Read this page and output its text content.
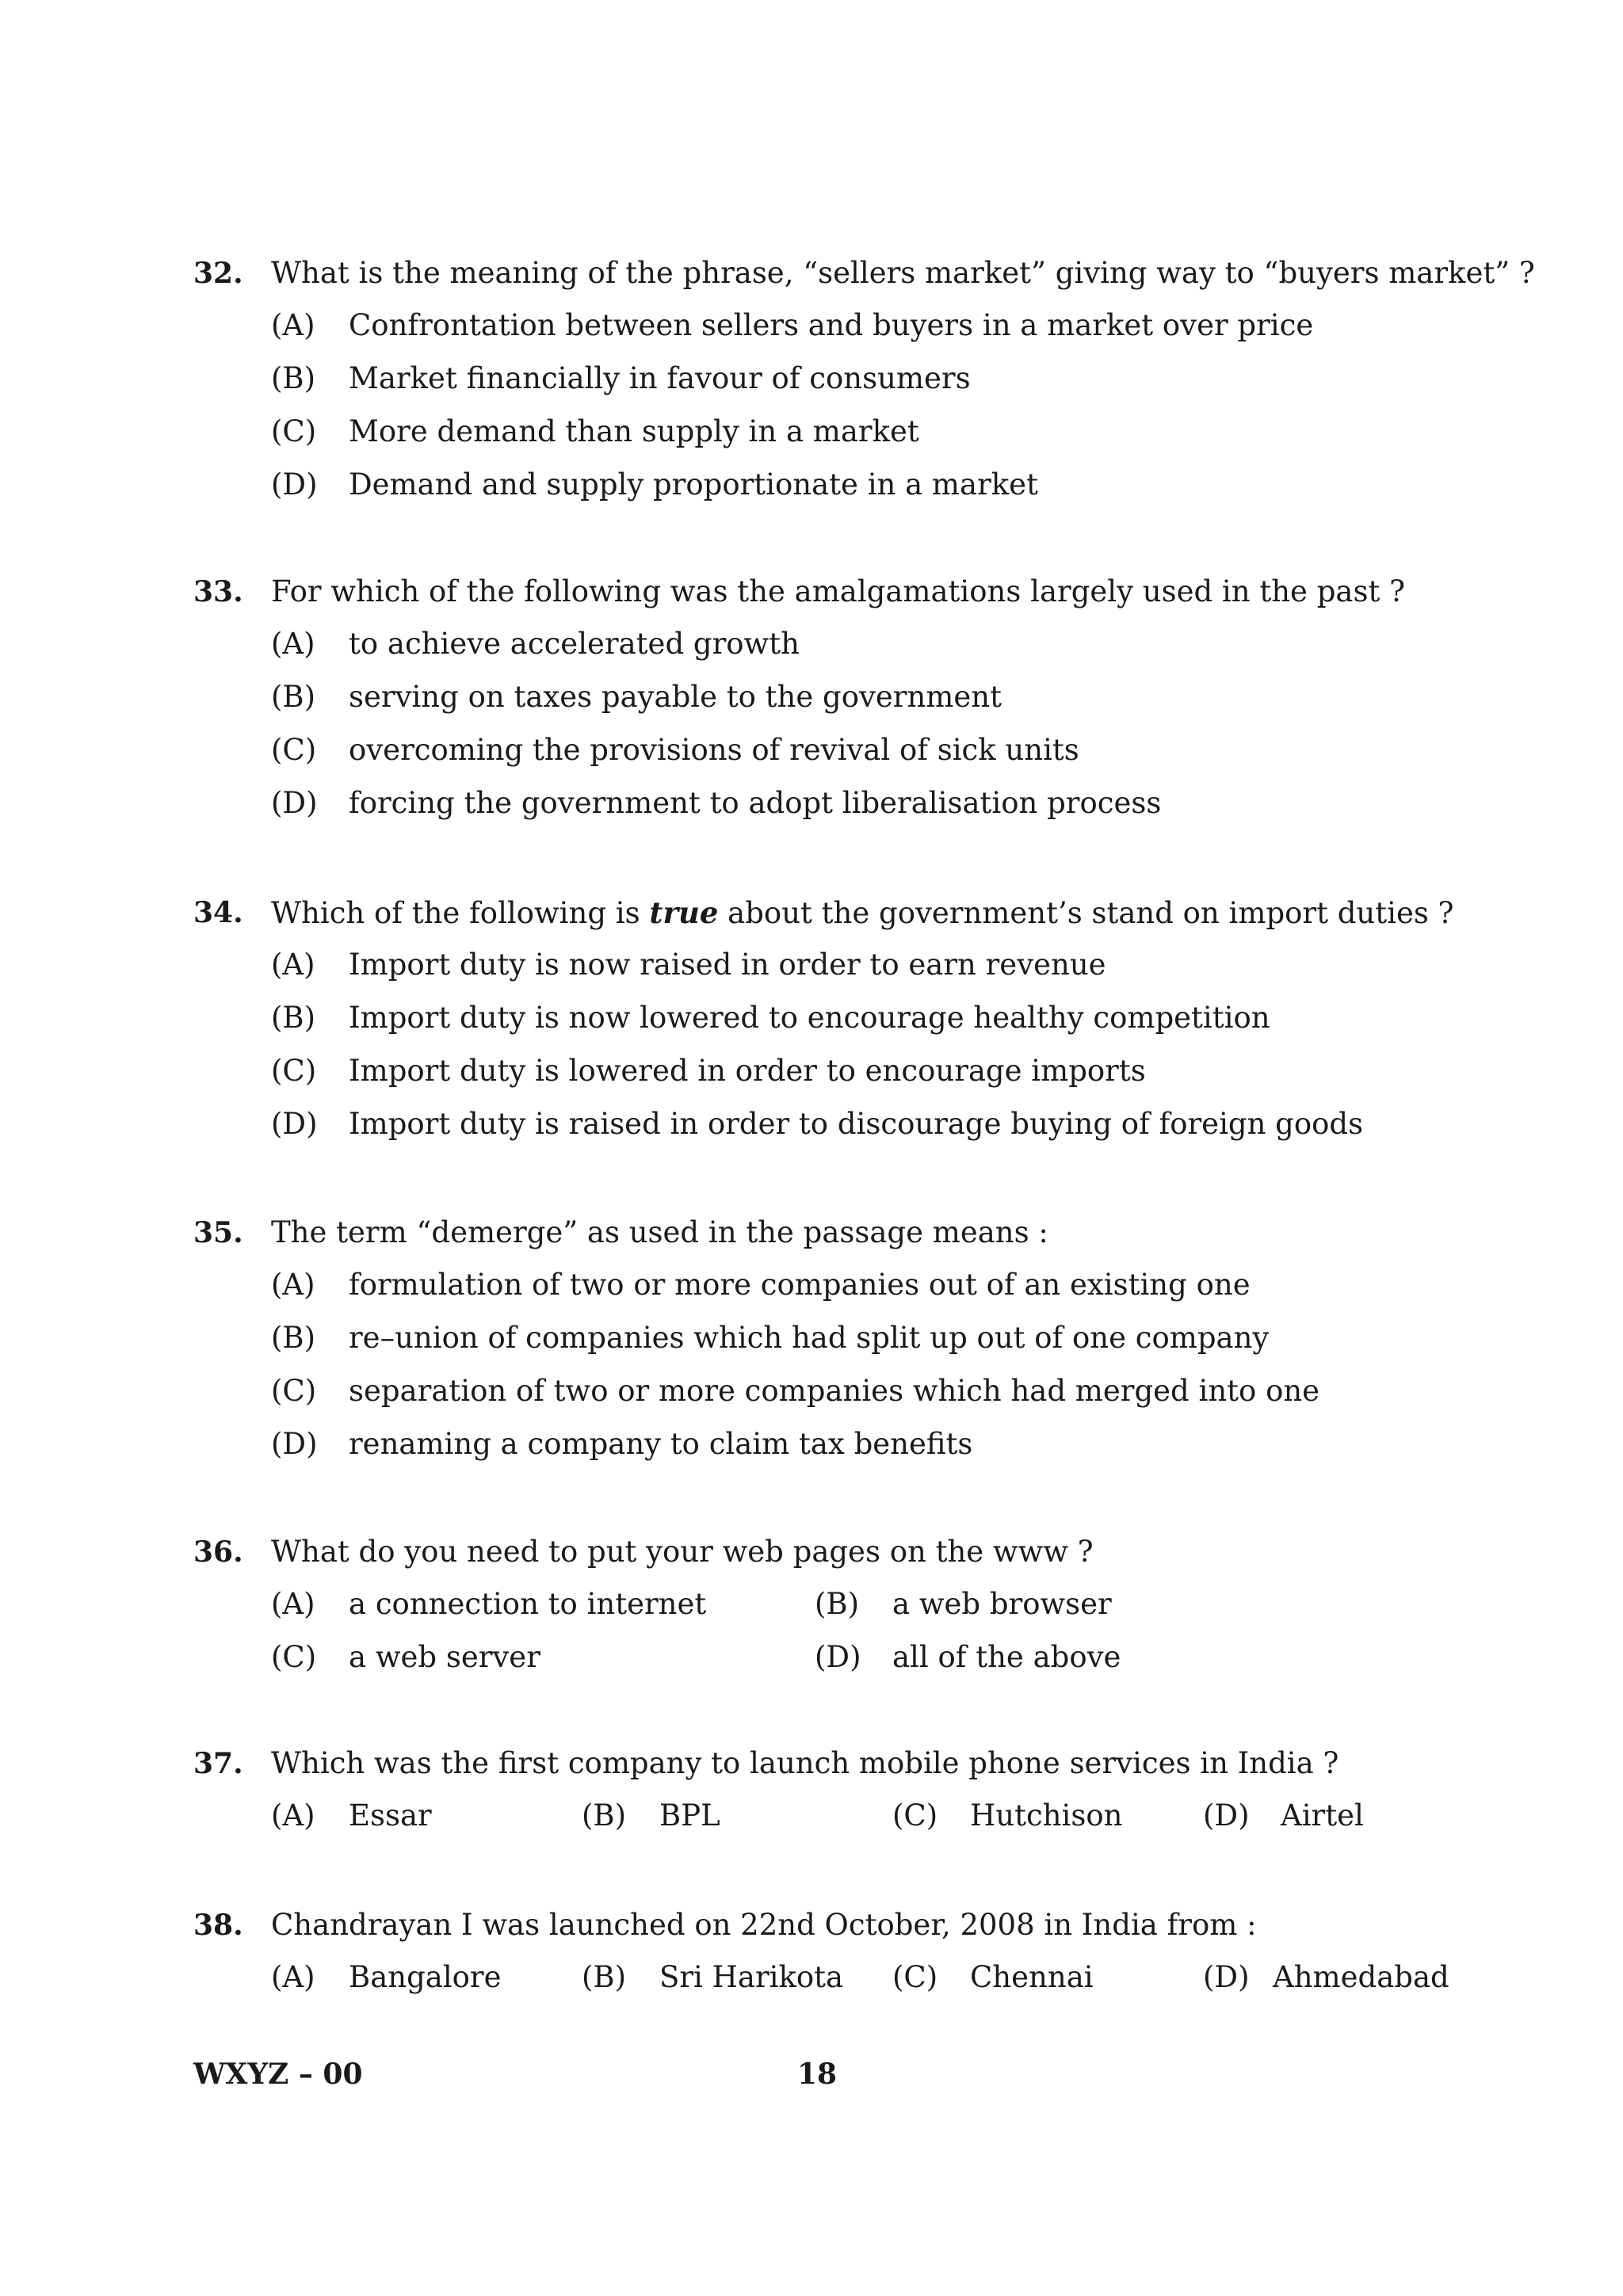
32. What is the meaning of the phrase, “sellers market” giving way to “buyers market” ?
(A) Confrontation between sellers and buyers in a market over price
(B) Market financially in favour of consumers
(C) More demand than supply in a market
(D) Demand and supply proportionate in a market
33. For which of the following was the amalgamations largely used in the past ?
(A) to achieve accelerated growth
(B) serving on taxes payable to the government
(C) overcoming the provisions of revival of sick units
(D) forcing the government to adopt liberalisation process
34. Which of the following is true about the government’s stand on import duties ?
(A) Import duty is now raised in order to earn revenue
(B) Import duty is now lowered to encourage healthy competition
(C) Import duty is lowered in order to encourage imports
(D) Import duty is raised in order to discourage buying of foreign goods
35. The term “demerge” as used in the passage means :
(A) formulation of two or more companies out of an existing one
(B) re–union of companies which had split up out of one company
(C) separation of two or more companies which had merged into one
(D) renaming a company to claim tax benefits
36. What do you need to put your web pages on the www ?
(A) a connection to internet	(B) a web browser
(C) a web server	(D) all of the above
37. Which was the first company to launch mobile phone services in India ?
(A) Essar	(B) BPL	(C) Hutchison	(D) Airtel
38. Chandrayan I was launched on 22nd October, 2008 in India from :
(A) Bangalore	(B) Sri Harikota (C) Chennai	(D) Ahmedabad
WXYZ – 00	18
